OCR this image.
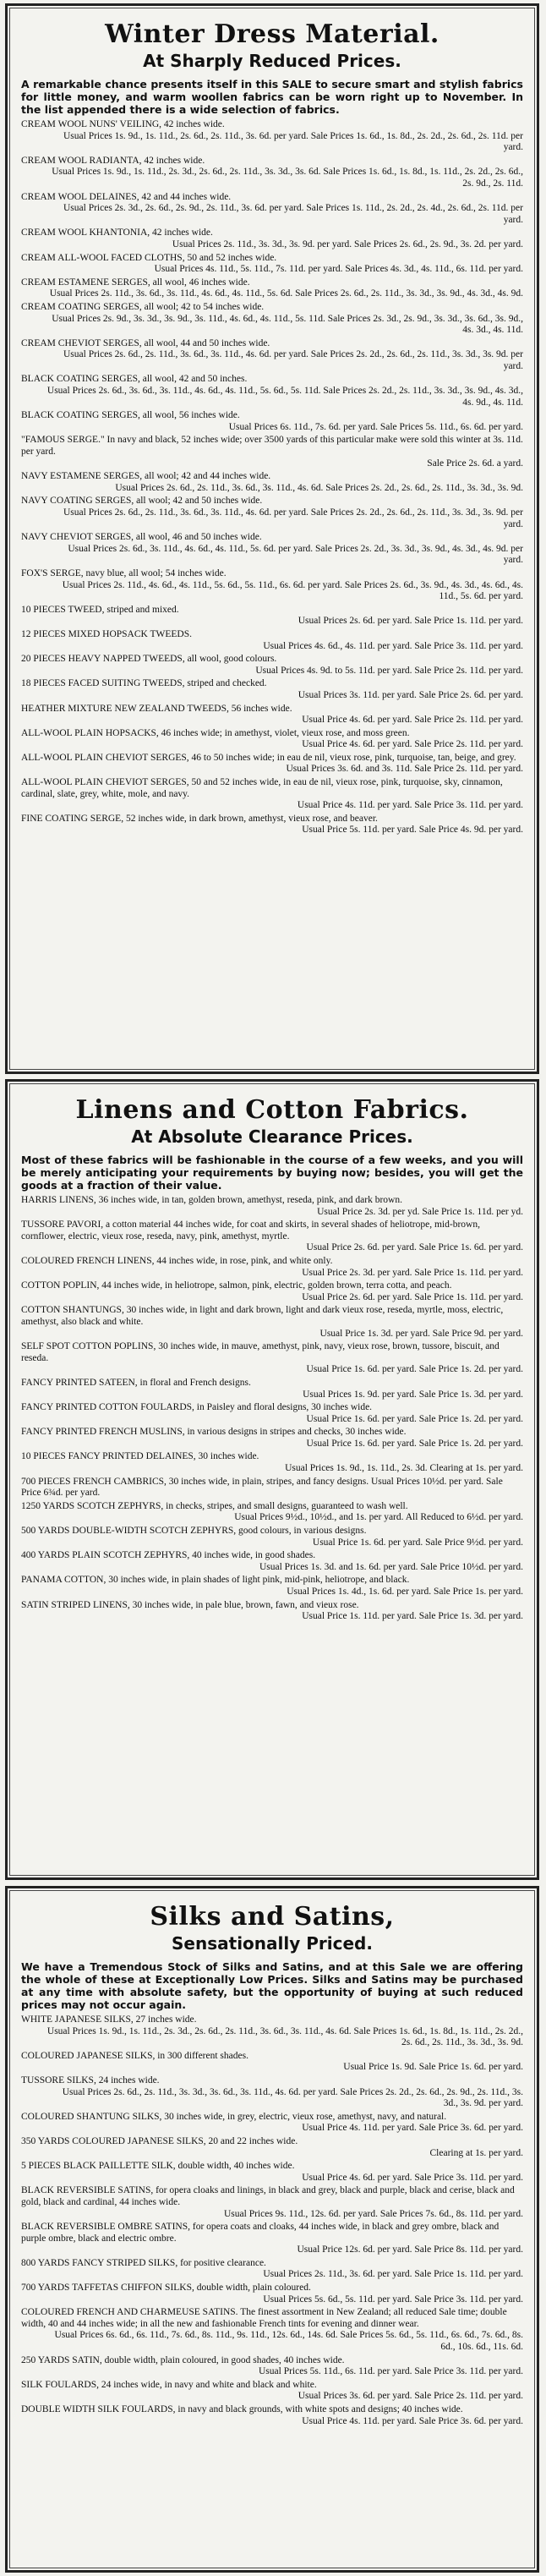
Winter Dress Material.
At Sharply Reduced Prices.
A remarkable chance presents itself in this SALE to secure smart and stylish fabrics for little money, and warm woollen fabrics can be worn right up to November. In the list appended there is a wide selection of fabrics.
CREAM WOOL NUNS' VEILING, 42 inches wide.
Usual Prices 1s. 9d., 1s. 11d., 2s. 6d., 2s. 11d., 3s. 6d. per yard. Sale Prices 1s. 6d., 1s. 8d., 2s. 2d., 2s. 6d., 2s. 11d. per yard.
CREAM WOOL RADIANTA, 42 inches wide.
Usual Prices 1s. 9d., 1s. 11d., 2s. 3d., 2s. 6d., 2s. 11d., 3s. 3d., 3s. 6d. Sale Prices 1s. 6d., 1s. 8d., 1s. 11d., 2s. 2d., 2s. 6d., 2s. 9d., 2s. 11d.
CREAM WOOL DELAINES, 42 and 44 inches wide.
Usual Prices 2s. 3d., 2s. 6d., 2s. 9d., 2s. 11d., 3s. 6d. per yard. Sale Prices 1s. 11d., 2s. 2d., 2s. 4d., 2s. 6d., 2s. 11d. per yard.
CREAM WOOL KHANTONIA, 42 inches wide.
Usual Prices 2s. 11d., 3s. 3d., 3s. 9d. per yard. Sale Prices 2s. 6d., 2s. 9d., 3s. 2d. per yard.
CREAM ALL-WOOL FACED CLOTHS, 50 and 52 inches wide.
Usual Prices 4s. 11d., 5s. 11d., 7s. 11d. per yard. Sale Prices 4s. 3d., 4s. 11d., 6s. 11d. per yard.
CREAM ESTAMENE SERGES, all wool, 46 inches wide.
Usual Prices 2s. 11d., 3s. 6d., 3s. 11d., 4s. 6d., 4s. 11d., 5s. 6d. Sale Prices 2s. 6d., 2s. 11d., 3s. 3d., 3s. 9d., 4s. 3d., 4s. 9d.
CREAM COATING SERGES, all wool; 42 to 54 inches wide.
Usual Prices 2s. 9d., 3s. 3d., 3s. 9d., 3s. 11d., 4s. 6d., 4s. 11d., 5s. 11d. Sale Prices 2s. 3d., 2s. 9d., 3s. 3d., 3s. 6d., 3s. 9d., 4s. 3d., 4s. 11d.
CREAM CHEVIOT SERGES, all wool, 44 and 50 inches wide.
Usual Prices 2s. 6d., 2s. 11d., 3s. 6d., 3s. 11d., 4s. 6d. per yard. Sale Prices 2s. 2d., 2s. 6d., 2s. 11d., 3s. 3d., 3s. 9d. per yard.
BLACK COATING SERGES, all wool, 42 and 50 inches.
Usual Prices 2s. 6d., 3s. 6d., 3s. 11d., 4s. 6d., 4s. 11d., 5s. 6d., 5s. 11d. Sale Prices 2s. 2d., 2s. 11d., 3s. 3d., 3s. 9d., 4s. 3d., 4s. 9d., 4s. 11d.
BLACK COATING SERGES, all wool, 56 inches wide.
Usual Prices 6s. 11d., 7s. 6d. per yard. Sale Prices 5s. 11d., 6s. 6d. per yard.
"FAMOUS SERGE." In navy and black, 52 inches wide; over 3500 yards of this particular make were sold this winter at 3s. 11d. per yard.
Sale Price 2s. 6d. a yard.
NAVY ESTAMENE SERGES, all wool; 42 and 44 inches wide.
Usual Prices 2s. 6d., 2s. 11d., 3s. 6d., 3s. 11d., 4s. 6d. Sale Prices 2s. 2d., 2s. 6d., 2s. 11d., 3s. 3d., 3s. 9d.
NAVY COATING SERGES, all wool; 42 and 50 inches wide.
Usual Prices 2s. 6d., 2s. 11d., 3s. 6d., 3s. 11d., 4s. 6d. per yard. Sale Prices 2s. 2d., 2s. 6d., 2s. 11d., 3s. 3d., 3s. 9d. per yard.
NAVY CHEVIOT SERGES, all wool, 46 and 50 inches wide.
Usual Prices 2s. 6d., 3s. 11d., 4s. 6d., 4s. 11d., 5s. 6d. per yard. Sale Prices 2s. 2d., 3s. 3d., 3s. 9d., 4s. 3d., 4s. 9d. per yard.
FOX'S SERGE, navy blue, all wool; 54 inches wide.
Usual Prices 2s. 11d., 4s. 6d., 4s. 11d., 5s. 6d., 5s. 11d., 6s. 6d. per yard. Sale Prices 2s. 6d., 3s. 9d., 4s. 3d., 4s. 6d., 4s. 11d., 5s. 6d. per yard.
10 PIECES TWEED, striped and mixed.
Usual Prices 2s. 6d. per yard. Sale Price 1s. 11d. per yard.
12 PIECES MIXED HOPSACK TWEEDS.
Usual Prices 4s. 6d., 4s. 11d. per yard. Sale Price 3s. 11d. per yard.
20 PIECES HEAVY NAPPED TWEEDS, all wool, good colours.
Usual Prices 4s. 9d. to 5s. 11d. per yard. Sale Price 2s. 11d. per yard.
18 PIECES FACED SUITING TWEEDS, striped and checked.
Usual Prices 3s. 11d. per yard. Sale Price 2s. 6d. per yard.
HEATHER MIXTURE NEW ZEALAND TWEEDS, 56 inches wide.
Usual Price 4s. 6d. per yard. Sale Price 2s. 11d. per yard.
ALL-WOOL PLAIN HOPSACKS, 46 inches wide; in amethyst, violet, vieux rose, and moss green.
Usual Price 4s. 6d. per yard. Sale Price 2s. 11d. per yard.
ALL-WOOL PLAIN CHEVIOT SERGES, 46 to 50 inches wide; in eau de nil, vieux rose, pink, turquoise, tan, beige, and grey.
Usual Prices 3s. 6d. and 3s. 11d. Sale Price 2s. 11d. per yard.
ALL-WOOL PLAIN CHEVIOT SERGES, 50 and 52 inches wide, in eau de nil, vieux rose, pink, turquoise, sky, cinnamon, cardinal, slate, grey, white, mole, and navy.
Usual Price 4s. 11d. per yard. Sale Price 3s. 11d. per yard.
FINE COATING SERGE, 52 inches wide, in dark brown, amethyst, vieux rose, and beaver.
Usual Price 5s. 11d. per yard. Sale Price 4s. 9d. per yard.
Linens and Cotton Fabrics.
At Absolute Clearance Prices.
Most of these fabrics will be fashionable in the course of a few weeks, and you will be merely anticipating your requirements by buying now; besides, you will get the goods at a fraction of their value.
HARRIS LINENS, 36 inches wide, in tan, golden brown, amethyst, reseda, pink, and dark brown.
Usual Price 2s. 3d. per yd. Sale Price 1s. 11d. per yd.
TUSSORE PAVORI, a cotton material 44 inches wide, for coat and skirts, in several shades of heliotrope, mid-brown, cornflower, electric, vieux rose, reseda, navy, pink, amethyst, myrtle.
Usual Price 2s. 6d. per yard. Sale Price 1s. 6d. per yard.
COLOURED FRENCH LINENS, 44 inches wide, in rose, pink, and white only.
Usual Price 2s. 3d. per yard. Sale Price 1s. 11d. per yard.
COTTON POPLIN, 44 inches wide, in heliotrope, salmon, pink, electric, golden brown, terra cotta, and peach.
Usual Price 2s. 6d. per yard. Sale Price 1s. 11d. per yard.
COTTON SHANTUNGS, 30 inches wide, in light and dark brown, light and dark vieux rose, reseda, myrtle, moss, electric, amethyst, also black and white.
Usual Price 1s. 3d. per yard. Sale Price 9d. per yard.
SELF SPOT COTTON POPLINS, 30 inches wide, in mauve, amethyst, pink, navy, vieux rose, brown, tussore, biscuit, and reseda.
Usual Price 1s. 6d. per yard. Sale Price 1s. 2d. per yard.
FANCY PRINTED SATEEN, in floral and French designs.
Usual Prices 1s. 9d. per yard. Sale Price 1s. 3d. per yard.
FANCY PRINTED COTTON FOULARDS, in Paisley and floral designs, 30 inches wide.
Usual Price 1s. 6d. per yard. Sale Price 1s. 2d. per yard.
FANCY PRINTED FRENCH MUSLINS, in various designs in stripes and checks, 30 inches wide.
Usual Price 1s. 6d. per yard. Sale Price 1s. 2d. per yard.
10 PIECES FANCY PRINTED DELAINES, 30 inches wide.
Usual Prices 1s. 9d., 1s. 11d., 2s. 3d. Clearing at 1s. per yard.
700 PIECES FRENCH CAMBRICS, 30 inches wide, in plain, stripes, and fancy designs. Usual Prices 10½d. per yard. Sale Price 6¾d. per yard.
1250 YARDS SCOTCH ZEPHYRS, in checks, stripes, and small designs, guaranteed to wash well.
Usual Prices 9½d., 10½d., and 1s. per yard. All Reduced to 6½d. per yard.
500 YARDS DOUBLE-WIDTH SCOTCH ZEPHYRS, good colours, in various designs.
Usual Price 1s. 6d. per yard. Sale Price 9½d. per yard.
400 YARDS PLAIN SCOTCH ZEPHYRS, 40 inches wide, in good shades.
Usual Prices 1s. 3d. and 1s. 6d. per yard. Sale Price 10½d. per yard.
PANAMA COTTON, 30 inches wide, in plain shades of light pink, mid-pink, heliotrope, and black.
Usual Prices 1s. 4d., 1s. 6d. per yard. Sale Price 1s. per yard.
SATIN STRIPED LINENS, 30 inches wide, in pale blue, brown, fawn, and vieux rose.
Usual Price 1s. 11d. per yard. Sale Price 1s. 3d. per yard.
Silks and Satins,
Sensationally Priced.
We have a Tremendous Stock of Silks and Satins, and at this Sale we are offering the whole of these at Exceptionally Low Prices. Silks and Satins may be purchased at any time with absolute safety, but the opportunity of buying at such reduced prices may not occur again.
WHITE JAPANESE SILKS, 27 inches wide.
Usual Prices 1s. 9d., 1s. 11d., 2s. 3d., 2s. 6d., 2s. 11d., 3s. 6d., 3s. 11d., 4s. 6d. Sale Prices 1s. 6d., 1s. 8d., 1s. 11d., 2s. 2d., 2s. 6d., 2s. 11d., 3s. 3d., 3s. 9d.
COLOURED JAPANESE SILKS, in 300 different shades.
Usual Price 1s. 9d. Sale Price 1s. 6d. per yard.
TUSSORE SILKS, 24 inches wide.
Usual Prices 2s. 6d., 2s. 11d., 3s. 3d., 3s. 6d., 3s. 11d., 4s. 6d. per yard. Sale Prices 2s. 2d., 2s. 6d., 2s. 9d., 2s. 11d., 3s. 3d., 3s. 9d. per yard.
COLOURED SHANTUNG SILKS, 30 inches wide, in grey, electric, vieux rose, amethyst, navy, and natural.
Usual Price 4s. 11d. per yard. Sale Price 3s. 6d. per yard.
350 YARDS COLOURED JAPANESE SILKS, 20 and 22 inches wide.
Clearing at 1s. per yard.
5 PIECES BLACK PAILLETTE SILK, double width, 40 inches wide.
Usual Price 4s. 6d. per yard. Sale Price 3s. 11d. per yard.
BLACK REVERSIBLE SATINS, for opera cloaks and linings, in black and grey, black and purple, black and cerise, black and gold, black and cardinal, 44 inches wide.
Usual Prices 9s. 11d., 12s. 6d. per yard. Sale Prices 7s. 6d., 8s. 11d. per yard.
BLACK REVERSIBLE OMBRE SATINS, for opera coats and cloaks, 44 inches wide, in black and grey ombre, black and purple ombre, black and electric ombre.
Usual Price 12s. 6d. per yard. Sale Price 8s. 11d. per yard.
800 YARDS FANCY STRIPED SILKS, for positive clearance.
Usual Prices 2s. 11d., 3s. 6d. per yard. Sale Price 1s. 11d. per yard.
700 YARDS TAFFETAS CHIFFON SILKS, double width, plain coloured.
Usual Prices 5s. 6d., 5s. 11d. per yard. Sale Price 3s. 11d. per yard.
COLOURED FRENCH AND CHARMEUSE SATINS. The finest assortment in New Zealand; all reduced Sale time; double width, 40 and 44 inches wide; in all the new and fashionable French tints for evening and dinner wear.
Usual Prices 6s. 6d., 6s. 11d., 7s. 6d., 8s. 11d., 9s. 11d., 12s. 6d., 14s. 6d. Sale Prices 5s. 6d., 5s. 11d., 6s. 6d., 7s. 6d., 8s. 6d., 10s. 6d., 11s. 6d.
250 YARDS SATIN, double width, plain coloured, in good shades, 40 inches wide.
Usual Prices 5s. 11d., 6s. 11d. per yard. Sale Price 3s. 11d. per yard.
SILK FOULARDS, 24 inches wide, in navy and white and black and white.
Usual Prices 3s. 6d. per yard. Sale Price 2s. 11d. per yard.
DOUBLE WIDTH SILK FOULARDS, in navy and black grounds, with white spots and designs; 40 inches wide.
Usual Price 4s. 11d. per yard. Sale Price 3s. 6d. per yard.
